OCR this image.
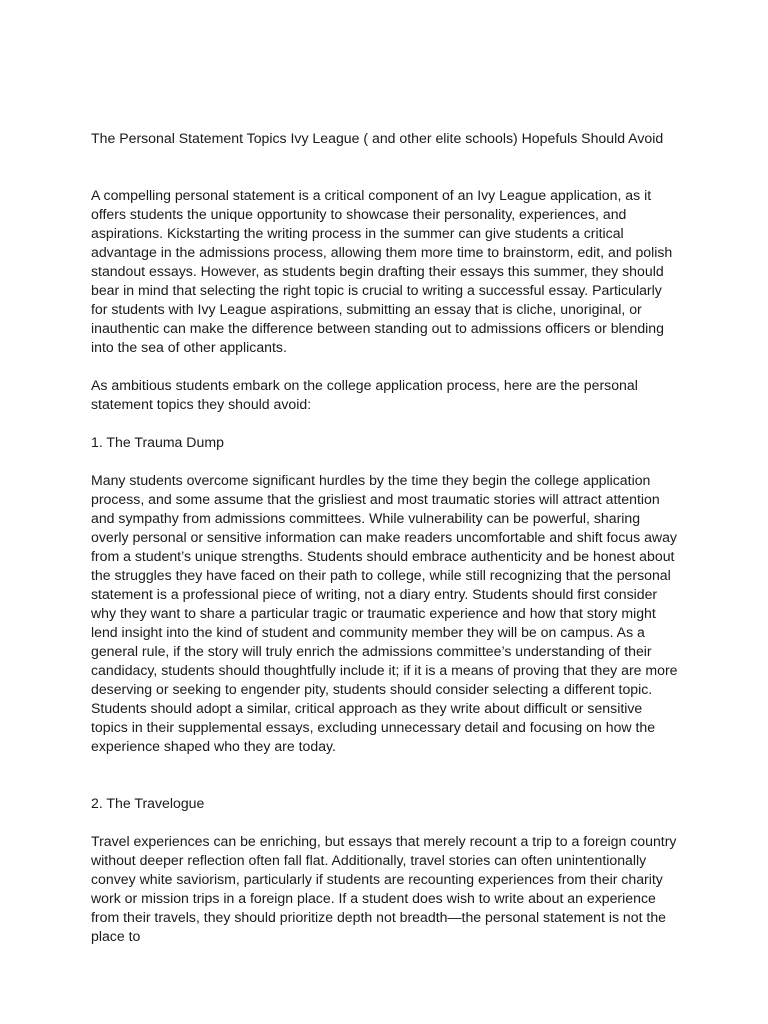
The Personal Statement Topics Ivy League ( and other elite schools) Hopefuls Should Avoid

A compelling personal statement is a critical component of an Ivy League application, as it offers students the unique opportunity to showcase their personality, experiences, and aspirations. Kickstarting the writing process in the summer can give students a critical advantage in the admissions process, allowing them more time to brainstorm, edit, and polish standout essays. However, as students begin drafting their essays this summer, they should bear in mind that selecting the right topic is crucial to writing a successful essay. Particularly for students with Ivy League aspirations, submitting an essay that is cliche, unoriginal, or inauthentic can make the difference between standing out to admissions officers or blending into the sea of other applicants.

As ambitious students embark on the college application process, here are the personal statement topics they should avoid:

1. The Trauma Dump

Many students overcome significant hurdles by the time they begin the college application process, and some assume that the grisliest and most traumatic stories will attract attention and sympathy from admissions committees. While vulnerability can be powerful, sharing overly personal or sensitive information can make readers uncomfortable and shift focus away from a student’s unique strengths. Students should embrace authenticity and be honest about the struggles they have faced on their path to college, while still recognizing that the personal statement is a professional piece of writing, not a diary entry. Students should first consider why they want to share a particular tragic or traumatic experience and how that story might lend insight into the kind of student and community member they will be on campus. As a general rule, if the story will truly enrich the admissions committee’s understanding of their candidacy, students should thoughtfully include it; if it is a means of proving that they are more deserving or seeking to engender pity, students should consider selecting a different topic. Students should adopt a similar, critical approach as they write about difficult or sensitive topics in their supplemental essays, excluding unnecessary detail and focusing on how the experience shaped who they are today.

2. The Travelogue

Travel experiences can be enriching, but essays that merely recount a trip to a foreign country without deeper reflection often fall flat. Additionally, travel stories can often unintentionally convey white saviorism, particularly if students are recounting experiences from their charity work or mission trips in a foreign place. If a student does wish to write about an experience from their travels, they should prioritize depth not breadth—the personal statement is not the place to
